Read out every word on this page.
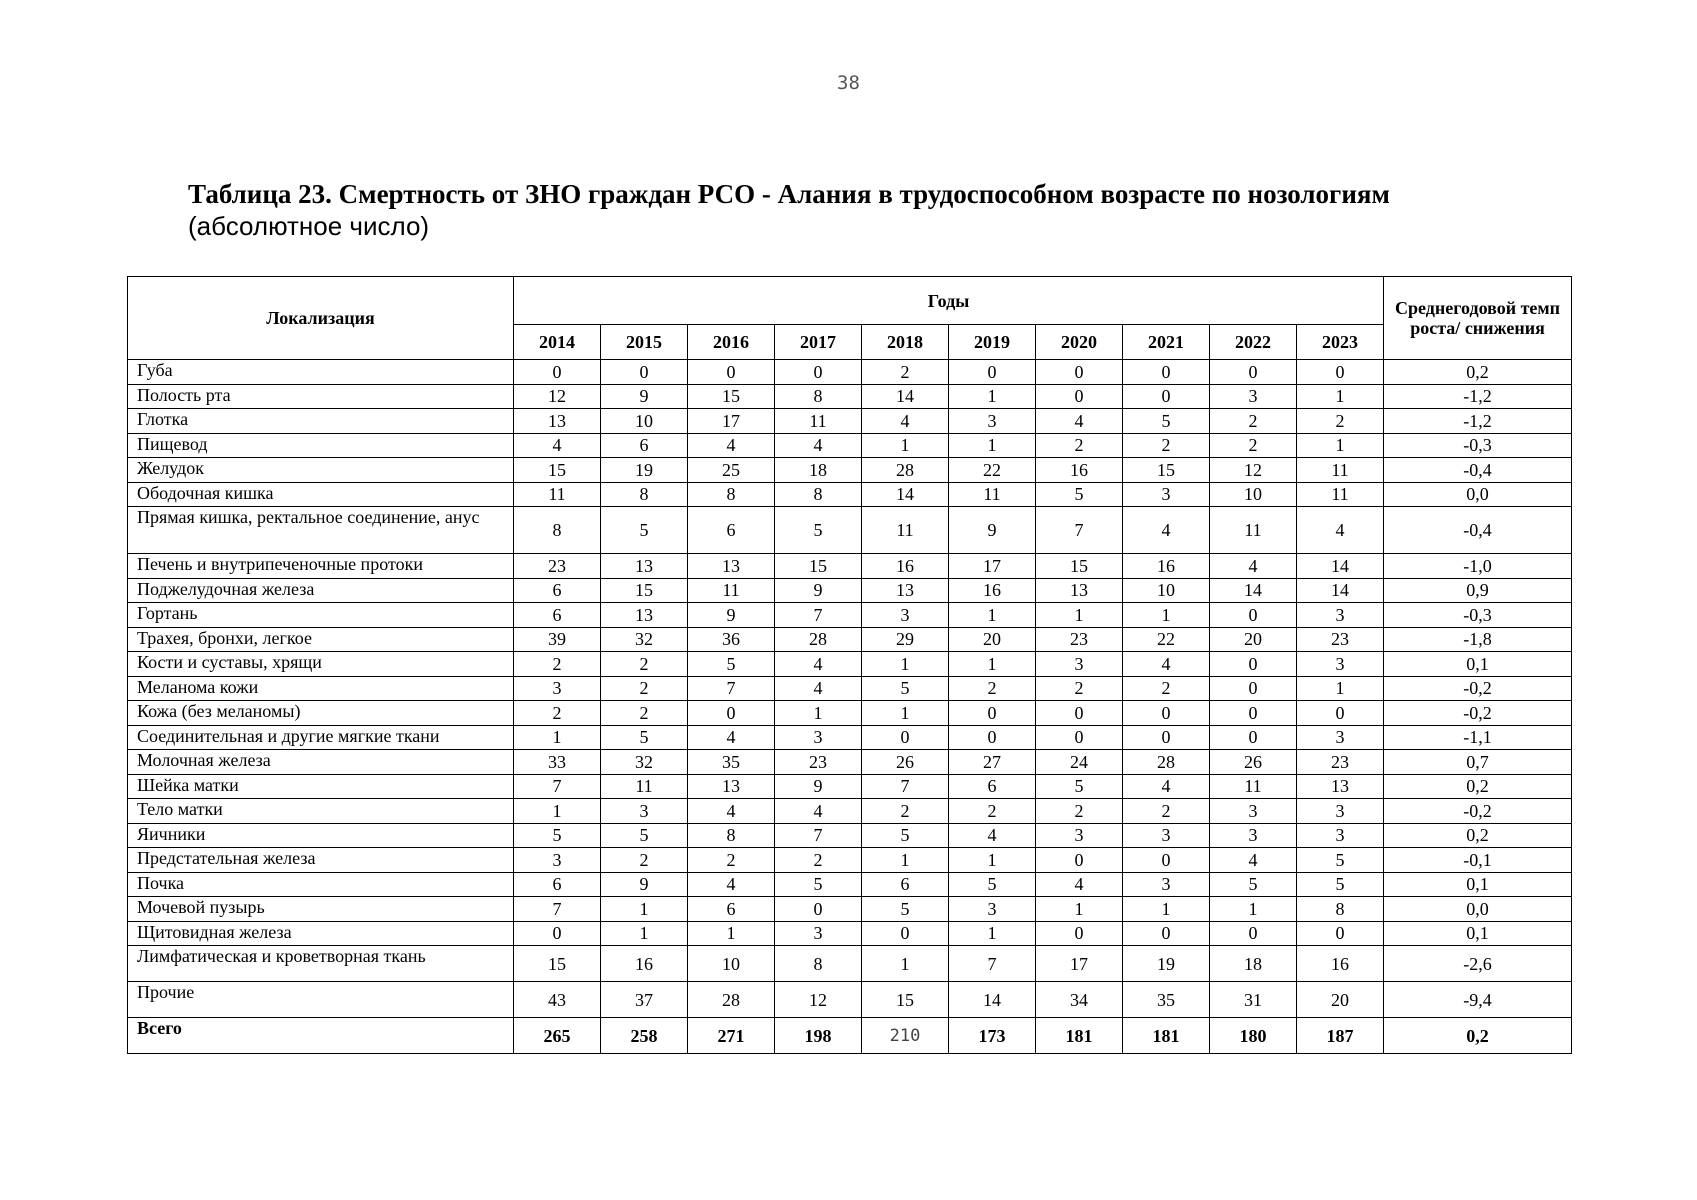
38
Таблица 23. Смертность от ЗНО граждан РСО - Алания в трудоспособном возрасте по нозологиям
(абсолютное число)
Локализация	Годы										Среднегодовой темп роста/ снижения
	2014	2015	2016	2017	2018	2019	2020	2021	2022	2023	
Губа	0	0	0	0	2	0	0	0	0	0	0,2
Полость рта	12	9	15	8	14	1	0	0	3	1	-1,2
Глотка	13	10	17	11	4	3	4	5	2	2	-1,2
Пищевод	4	6	4	4	1	1	2	2	2	1	-0,3
Желудок	15	19	25	18	28	22	16	15	12	11	-0,4
Ободочная кишка	11	8	8	8	14	11	5	3	10	11	0,0
Прямая кишка, ректальное соединение, анус	8	5	6	5	11	9	7	4	11	4	-0,4
Печень и внутрипеченочные протоки	23	13	13	15	16	17	15	16	4	14	-1,0
Поджелудочная железа	6	15	11	9	13	16	13	10	14	14	0,9
Гортань	6	13	9	7	3	1	1	1	0	3	-0,3
Трахея, бронхи, легкое	39	32	36	28	29	20	23	22	20	23	-1,8
Кости и суставы, хрящи	2	2	5	4	1	1	3	4	0	3	0,1
Меланома кожи	3	2	7	4	5	2	2	2	0	1	-0,2
Кожа (без меланомы)	2	2	0	1	1	0	0	0	0	0	-0,2
Соединительная и другие мягкие ткани	1	5	4	3	0	0	0	0	0	3	-1,1
Молочная железа	33	32	35	23	26	27	24	28	26	23	0,7
Шейка матки	7	11	13	9	7	6	5	4	11	13	0,2
Тело матки	1	3	4	4	2	2	2	2	3	3	-0,2
Яичники	5	5	8	7	5	4	3	3	3	3	0,2
Предстательная железа	3	2	2	2	1	1	0	0	4	5	-0,1
Почка	6	9	4	5	6	5	4	3	5	5	0,1
Мочевой пузырь	7	1	6	0	5	3	1	1	1	8	0,0
Щитовидная железа	0	1	1	3	0	1	0	0	0	0	0,1
Лимфатическая и кроветворная ткань	15	16	10	8	1	7	17	19	18	16	-2,6
Прочие	43	37	28	12	15	14	34	35	31	20	-9,4
Всего	265	258	271	198	210	173	181	181	180	187	0,2
